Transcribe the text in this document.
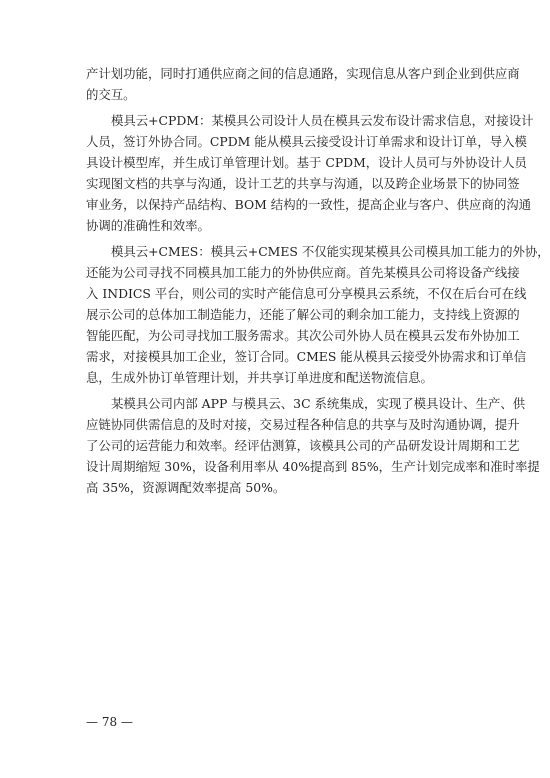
产计划功能，同时打通供应商之间的信息通路，实现信息从客户到企业到供应商
的交互。
模具云+CPDM：某模具公司设计人员在模具云发布设计需求信息，对接设计
人员，签订外协合同。CPDM 能从模具云接受设计订单需求和设计订单，导入模
具设计模型库，并生成订单管理计划。基于 CPDM，设计人员可与外协设计人员
实现图文档的共享与沟通，设计工艺的共享与沟通，以及跨企业场景下的协同签
审业务，以保持产品结构、BOM 结构的一致性，提高企业与客户、供应商的沟通
协调的准确性和效率。
模具云+CMES：模具云+CMES 不仅能实现某模具公司模具加工能力的外协，
还能为公司寻找不同模具加工能力的外协供应商。首先某模具公司将设备产线接
入 INDICS 平台，则公司的实时产能信息可分享模具云系统，不仅在后台可在线
展示公司的总体加工制造能力，还能了解公司的剩余加工能力，支持线上资源的
智能匹配，为公司寻找加工服务需求。其次公司外协人员在模具云发布外协加工
需求，对接模具加工企业，签订合同。CMES 能从模具云接受外协需求和订单信
息，生成外协订单管理计划，并共享订单进度和配送物流信息。
某模具公司内部 APP 与模具云、3C 系统集成，实现了模具设计、生产、供
应链协同供需信息的及时对接，交易过程各种信息的共享与及时沟通协调，提升
了公司的运营能力和效率。经评估测算，该模具公司的产品研发设计周期和工艺
设计周期缩短 30%，设备利用率从 40%提高到 85%，生产计划完成率和准时率提
高 35%，资源调配效率提高 50%。
— 78 —
